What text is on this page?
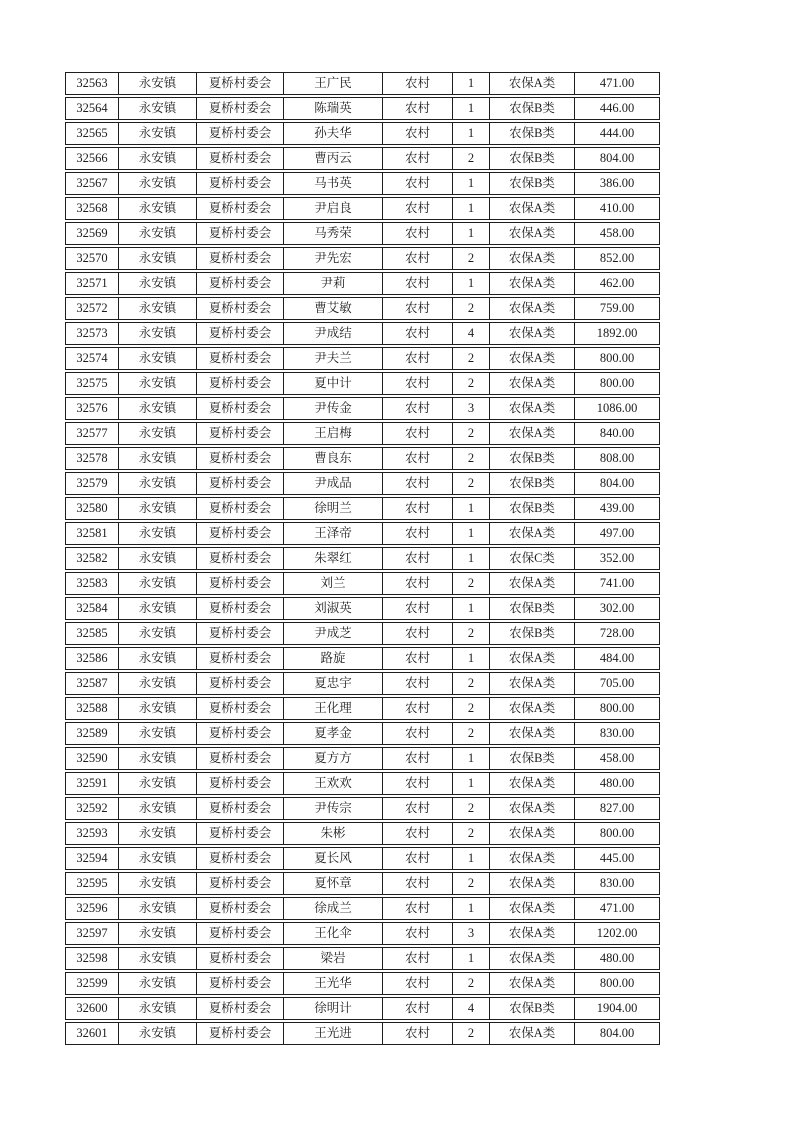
32563	永安镇	夏桥村委会	王广民	农村	1	农保A类	471.00
32564	永安镇	夏桥村委会	陈瑞英	农村	1	农保B类	446.00
32565	永安镇	夏桥村委会	孙夫华	农村	1	农保B类	444.00
32566	永安镇	夏桥村委会	曹丙云	农村	2	农保B类	804.00
32567	永安镇	夏桥村委会	马书英	农村	1	农保B类	386.00
32568	永安镇	夏桥村委会	尹启良	农村	1	农保A类	410.00
32569	永安镇	夏桥村委会	马秀荣	农村	1	农保A类	458.00
32570	永安镇	夏桥村委会	尹先宏	农村	2	农保A类	852.00
32571	永安镇	夏桥村委会	尹莉	农村	1	农保A类	462.00
32572	永安镇	夏桥村委会	曹艾敏	农村	2	农保A类	759.00
32573	永安镇	夏桥村委会	尹成结	农村	4	农保A类	1892.00
32574	永安镇	夏桥村委会	尹夫兰	农村	2	农保A类	800.00
32575	永安镇	夏桥村委会	夏中计	农村	2	农保A类	800.00
32576	永安镇	夏桥村委会	尹传金	农村	3	农保A类	1086.00
32577	永安镇	夏桥村委会	王启梅	农村	2	农保A类	840.00
32578	永安镇	夏桥村委会	曹良东	农村	2	农保B类	808.00
32579	永安镇	夏桥村委会	尹成品	农村	2	农保B类	804.00
32580	永安镇	夏桥村委会	徐明兰	农村	1	农保B类	439.00
32581	永安镇	夏桥村委会	王泽帝	农村	1	农保A类	497.00
32582	永安镇	夏桥村委会	朱翠红	农村	1	农保C类	352.00
32583	永安镇	夏桥村委会	刘兰	农村	2	农保A类	741.00
32584	永安镇	夏桥村委会	刘淑英	农村	1	农保B类	302.00
32585	永安镇	夏桥村委会	尹成芝	农村	2	农保B类	728.00
32586	永安镇	夏桥村委会	路旋	农村	1	农保A类	484.00
32587	永安镇	夏桥村委会	夏忠宇	农村	2	农保A类	705.00
32588	永安镇	夏桥村委会	王化理	农村	2	农保A类	800.00
32589	永安镇	夏桥村委会	夏孝金	农村	2	农保A类	830.00
32590	永安镇	夏桥村委会	夏方方	农村	1	农保B类	458.00
32591	永安镇	夏桥村委会	王欢欢	农村	1	农保A类	480.00
32592	永安镇	夏桥村委会	尹传宗	农村	2	农保A类	827.00
32593	永安镇	夏桥村委会	朱彬	农村	2	农保A类	800.00
32594	永安镇	夏桥村委会	夏长风	农村	1	农保A类	445.00
32595	永安镇	夏桥村委会	夏怀章	农村	2	农保A类	830.00
32596	永安镇	夏桥村委会	徐成兰	农村	1	农保A类	471.00
32597	永安镇	夏桥村委会	王化伞	农村	3	农保A类	1202.00
32598	永安镇	夏桥村委会	梁岩	农村	1	农保A类	480.00
32599	永安镇	夏桥村委会	王光华	农村	2	农保A类	800.00
32600	永安镇	夏桥村委会	徐明计	农村	4	农保B类	1904.00
32601	永安镇	夏桥村委会	王光进	农村	2	农保A类	804.00
